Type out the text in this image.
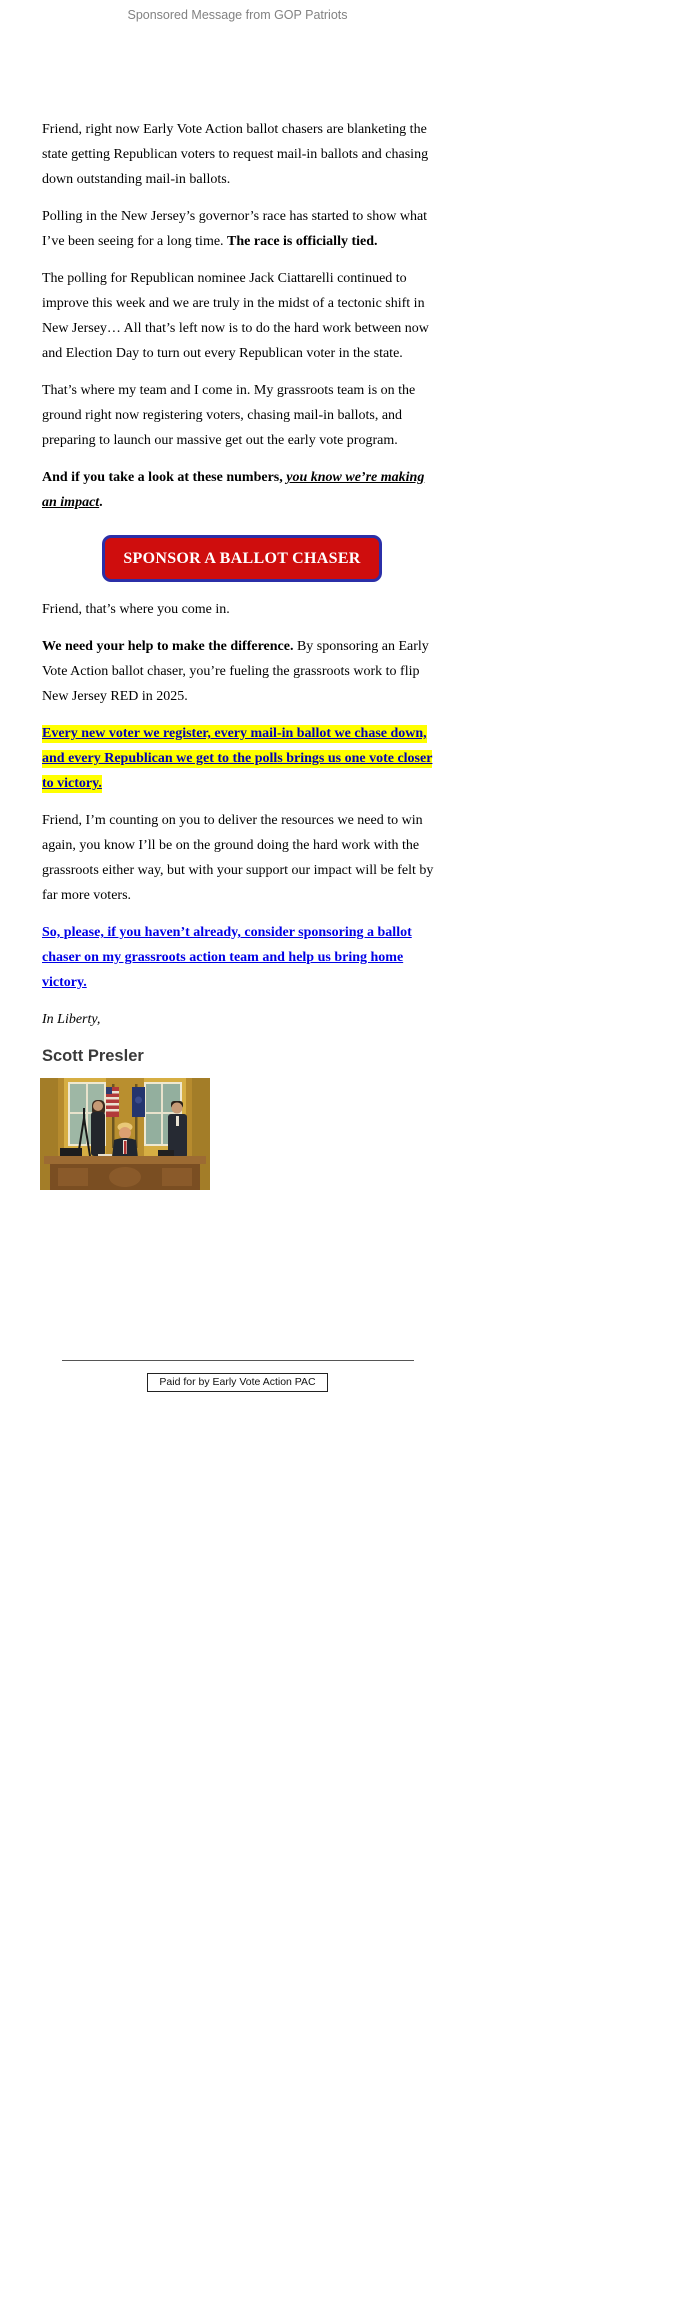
Sponsored Message from GOP Patriots

Friend, right now Early Vote Action ballot chasers are blanketing the state getting Republican voters to request mail-in ballots and chasing down outstanding mail-in ballots.

Polling in the New Jersey’s governor’s race has started to show what I’ve been seeing for a long time. The race is officially tied.

The polling for Republican nominee Jack Ciattarelli continued to improve this week and we are truly in the midst of a tectonic shift in New Jersey… All that’s left now is to do the hard work between now and Election Day to turn out every Republican voter in the state.

That’s where my team and I come in. My grassroots team is on the ground right now registering voters, chasing mail-in ballots, and preparing to launch our massive get out the early vote program.

And if you take a look at these numbers, you know we’re making an impact.

SPONSOR A BALLOT CHASER

Friend, that’s where you come in.

We need your help to make the difference. By sponsoring an Early Vote Action ballot chaser, you’re fueling the grassroots work to flip New Jersey RED in 2025.

Every new voter we register, every mail-in ballot we chase down, and every Republican we get to the polls brings us one vote closer to victory.

Friend, I’m counting on you to deliver the resources we need to win again, you know I’ll be on the ground doing the hard work with the grassroots either way, but with your support our impact will be felt by far more voters.

So, please, if you haven’t already, consider sponsoring a ballot chaser on my grassroots action team and help us bring home victory.

In Liberty,

Scott Presler
Paid for by Early Vote Action PAC
